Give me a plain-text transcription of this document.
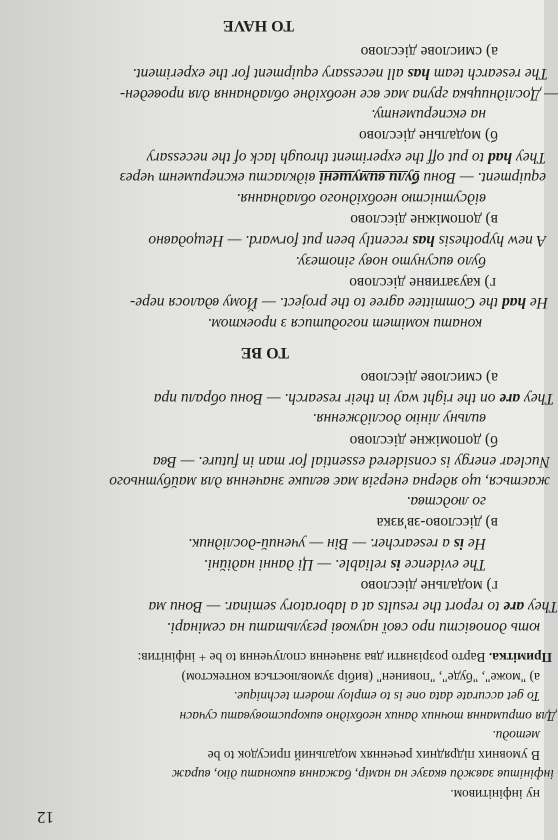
12
ну інфінітивом.
інфінітив завжди вказує на намір, бажання виконати дію, вираж
В умовних підрядних реченнях модальний присудок to be
методи.
Для отримання точних даних необхідно використовувати сучасн
To get accurate data one is to employ modern technique.
а) "може", "буде", "повинен" (вибір зумовлюється контекстом)
Примітка. Варто розрізняти два значення сполучення to be + інфінітив:
ють доповісти про свої наукові результати на семінарі.
They are to report the results at a laboratory seminar. — Вони ма
г) модальне дієслово
The evidence is reliable. — Ці данні надійні.
He is a researcher. — Він — учений-дослідник.
в) дієслово-зв'язка
го людства.
жається, що ядерна енергія має велике значення для майбутнього
Nuclear energy is considered essential for man in future. — Вва
б) допоміжне дієслово
вильну лінію дослідження.
They are on the right way in their research. — Вони обрали пра
а) смислове дієслово
TO BE
конати комітет погодитися з проектом.
He had the Committee agree to the project. — Йому вдалося пере-
г) каузативне дієслово
було висунуто нову гіпотезу.
A new hypothesis has recently been put forward. — Нещодавно
в) допоміжне дієслово
відсутністю необхідного обладнання.
equipment. — Вони були вимушені відкласти експеримент через
They had to put off the experiment through lack of the necessary
б) модальне дієслово
на експерименту.
— Дослідницька група має все необхідне обладнання для проведен-
The research team has all necessary equipment for the experiment.
а) смислове дієслово
TO HAVE
